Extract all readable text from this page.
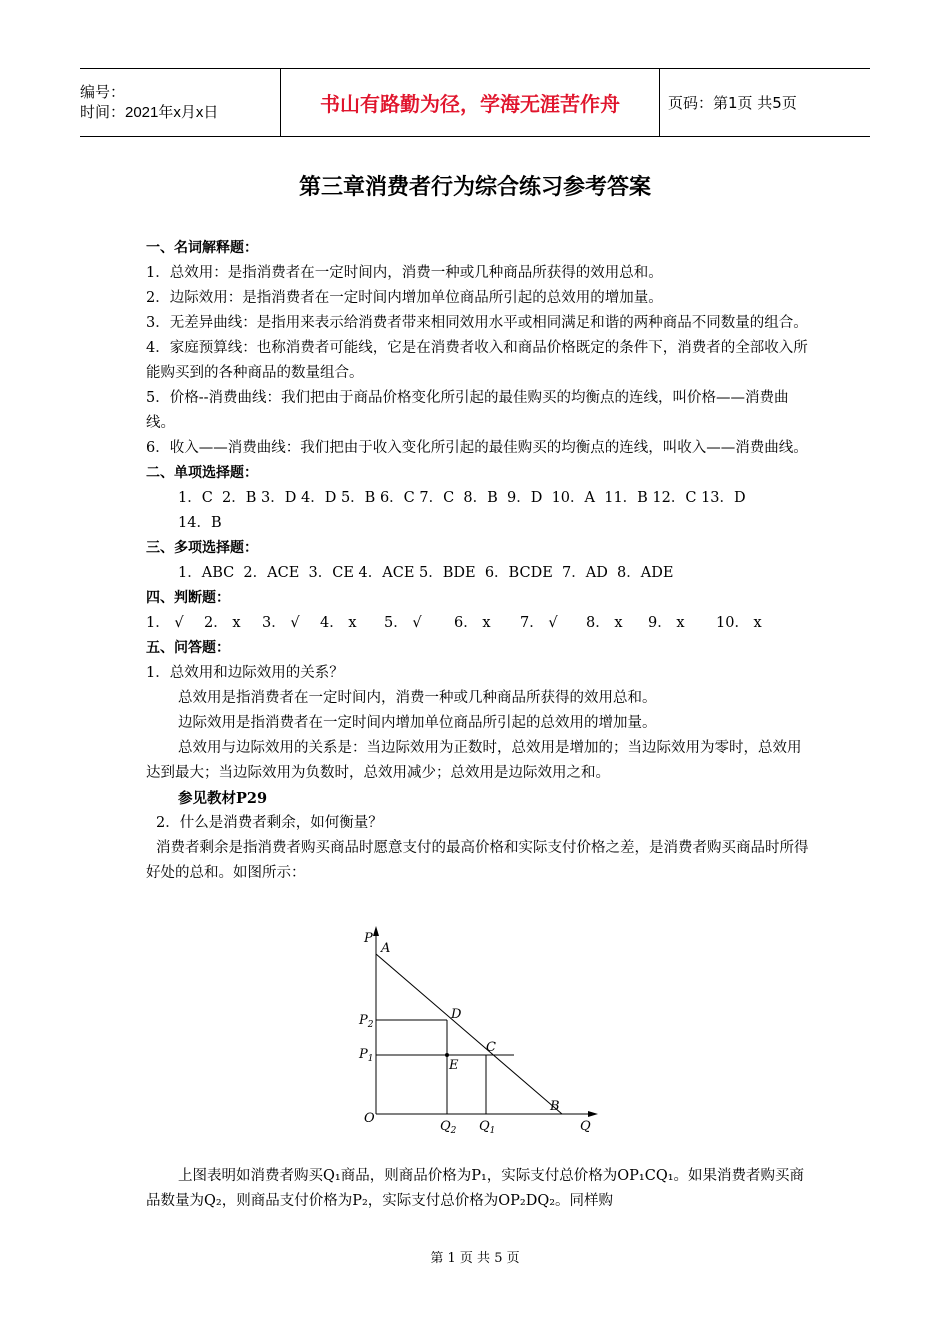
编号：
时间：2021年x月x日	书山有路勤为径，学海无涯苦作舟	页码：第1页 共5页
第三章消费者行为综合练习参考答案

一、名词解释题：

1．总效用：是指消费者在一定时间内，消费一种或几种商品所获得的效用总和。

2．边际效用：是指消费者在一定时间内增加单位商品所引起的总效用的增加量。

3．无差异曲线：是指用来表示给消费者带来相同效用水平或相同满足和谐的两种商品不同数量的组合。

4．家庭预算线：也称消费者可能线，它是在消费者收入和商品价格既定的条件下，消费者的全部收入所能购买到的各种商品的数量组合。

5．价格--消费曲线：我们把由于商品价格变化所引起的最佳购买的均衡点的连线，叫价格——消费曲线。

6．收入——消费曲线：我们把由于收入变化所引起的最佳购买的均衡点的连线，叫收入——消费曲线。

二、单项选择题：

1．C  2．B 3．D 4．D 5．B 6．C 7．C  8．B  9．D  10．A  11．B 12．C 13．D

14．B

三、多项选择题：

1．ABC  2．ACE  3．CE 4．ACE 5．BDE  6．BCDE  7．AD  8．ADE

四、判断题：

1． √	2． x	3． √	4． x	5． √	6． x	7． √	8． x	9． x	10． x

五、问答题：

1．总效用和边际效用的关系？

总效用是指消费者在一定时间内，消费一种或几种商品所获得的效用总和。

边际效用是指消费者在一定时间内增加单位商品所引起的总效用的增加量。

总效用与边际效用的关系是：当边际效用为正数时，总效用是增加的；当边际效用为零时，总效用达到最大；当边际效用为负数时，总效用减少；总效用是边际效用之和。

参见教材P29

2．什么是消费者剩余，如何衡量？

消费者剩余是指消费者购买商品时愿意支付的最高价格和实际支付价格之差，是消费者购买商品时所得好处的总和。如图所示：

P
A
D
C
E
B
O
Q
$P_2$
$P_1$
$Q_2$ $Q_1$

上图表明如消费者购买Q₁商品，则商品价格为P₁，实际支付总价格为OP₁CQ₁。如果消费者购买商品数量为Q₂，则商品支付价格为P₂，实际支付总价格为OP₂DQ₂。同样购

第 1 页 共 5 页
